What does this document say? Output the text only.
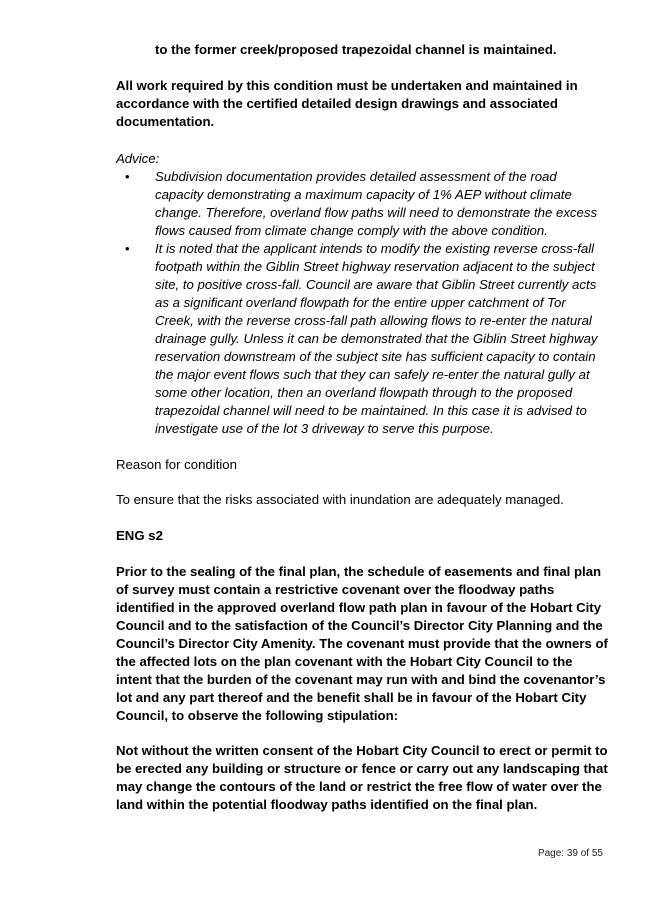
to the former creek/proposed trapezoidal channel is maintained.

All work required by this condition must be undertaken and maintained in accordance with the certified detailed design drawings and associated documentation.

Advice:

• Subdivision documentation provides detailed assessment of the road capacity demonstrating a maximum capacity of 1% AEP without climate change. Therefore, overland flow paths will need to demonstrate the excess flows caused from climate change comply with the above condition.
• It is noted that the applicant intends to modify the existing reverse cross-fall footpath within the Giblin Street highway reservation adjacent to the subject site, to positive cross-fall. Council are aware that Giblin Street currently acts as a significant overland flowpath for the entire upper catchment of Tor Creek, with the reverse cross-fall path allowing flows to re-enter the natural drainage gully. Unless it can be demonstrated that the Giblin Street highway reservation downstream of the subject site has sufficient capacity to contain the major event flows such that they can safely re-enter the natural gully at some other location, then an overland flowpath through to the proposed trapezoidal channel will need to be maintained. In this case it is advised to investigate use of the lot 3 driveway to serve this purpose.

Reason for condition

To ensure that the risks associated with inundation are adequately managed.

ENG s2

Prior to the sealing of the final plan, the schedule of easements and final plan of survey must contain a restrictive covenant over the floodway paths identified in the approved overland flow path plan in favour of the Hobart City Council and to the satisfaction of the Council’s Director City Planning and the Council’s Director City Amenity. The covenant must provide that the owners of the affected lots on the plan covenant with the Hobart City Council to the intent that the burden of the covenant may run with and bind the covenantor’s lot and any part thereof and the benefit shall be in favour of the Hobart City Council, to observe the following stipulation:

Not without the written consent of the Hobart City Council to erect or permit to be erected any building or structure or fence or carry out any landscaping that may change the contours of the land or restrict the free flow of water over the land within the potential floodway paths identified on the final plan.

Page: 39 of 55
